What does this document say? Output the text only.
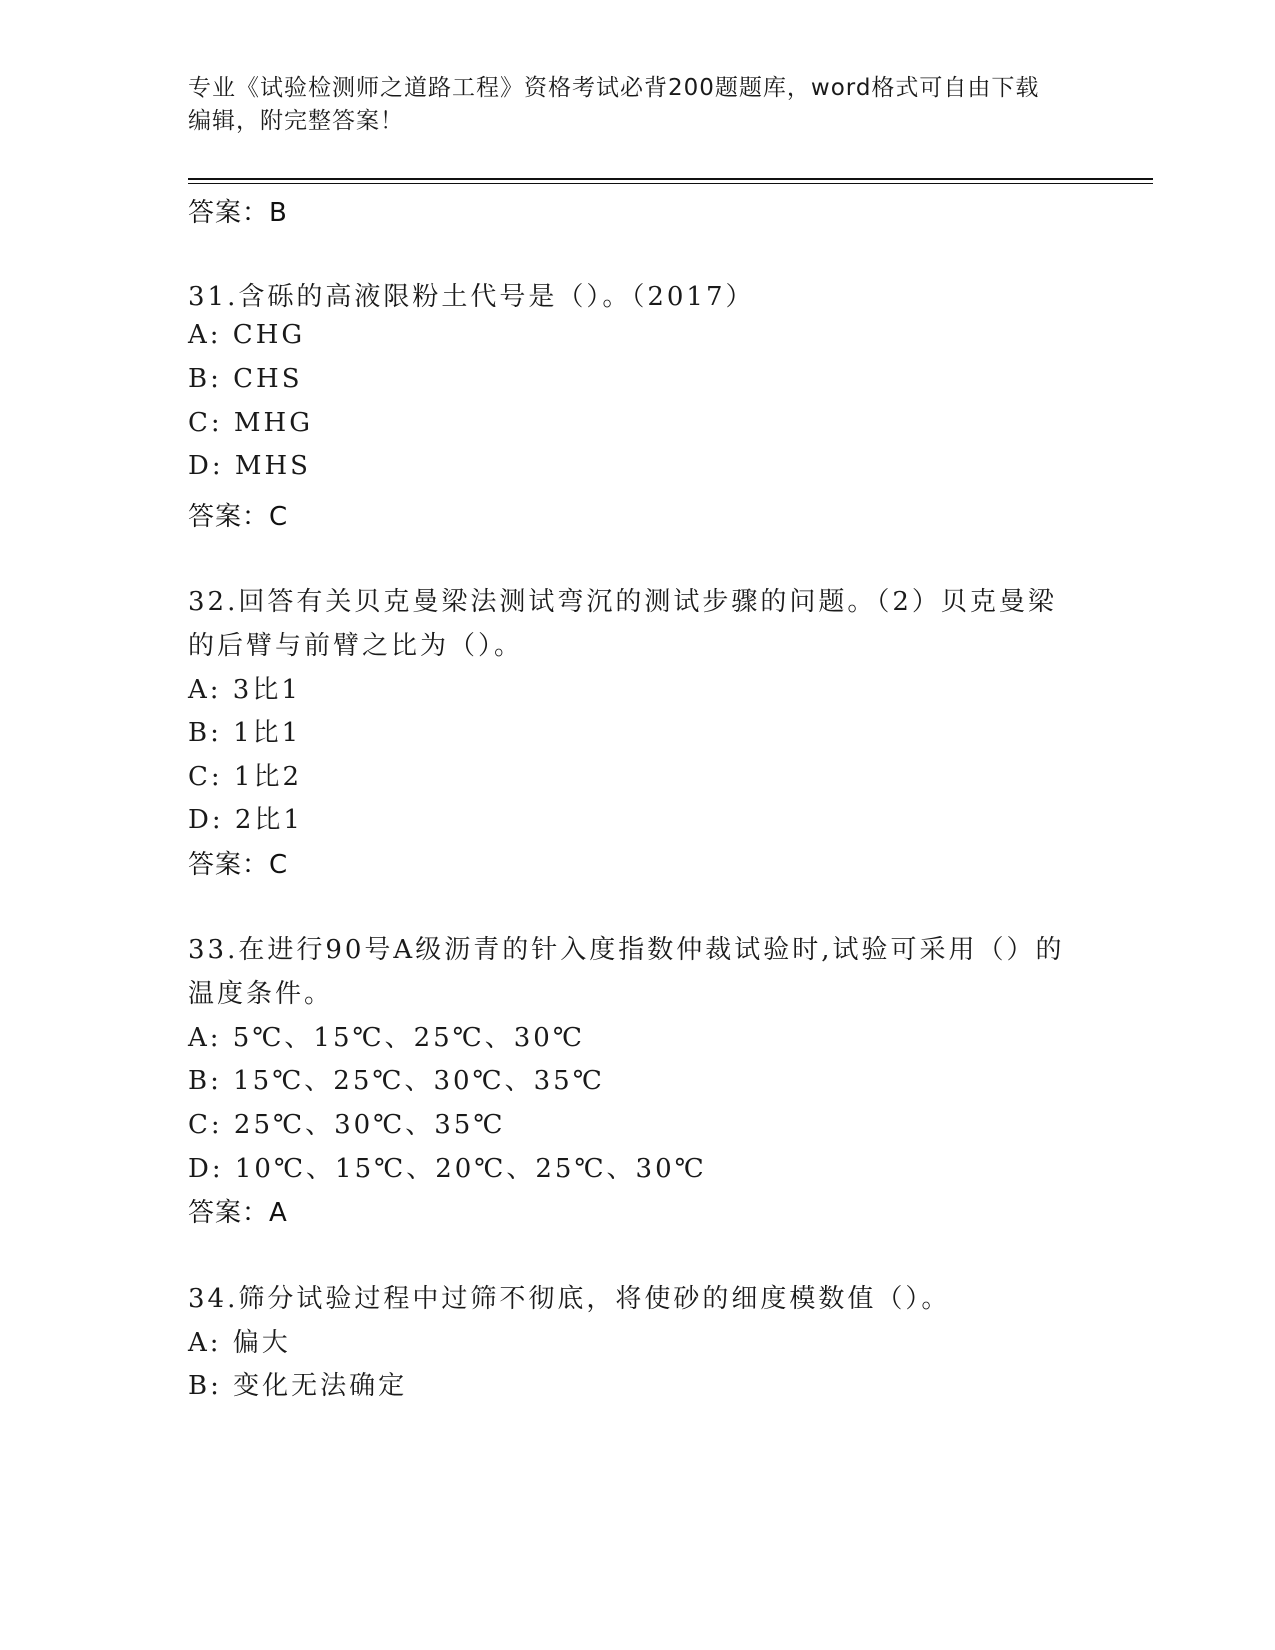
专业《试验检测师之道路工程》资格考试必背200题题库，word格式可自由下载
编辑，附完整答案！
答案：B
31.含砾的高液限粉土代号是（）。（2017）
A: CHG
B: CHS
C: MHG
D: MHS
答案：C
32.回答有关贝克曼梁法测试弯沉的测试步骤的问题。（2）贝克曼梁
的后臂与前臂之比为（）。
A: 3比1
B: 1比1
C: 1比2
D: 2比1
答案：C
33.在进行90号A级沥青的针入度指数仲裁试验时,试验可采用（）的
温度条件。
A: 5℃、15℃、25℃、30℃
B: 15℃、25℃、30℃、35℃
C: 25℃、30℃、35℃
D: 10℃、15℃、20℃、25℃、30℃
答案：A
34.筛分试验过程中过筛不彻底，将使砂的细度模数值（）。
A: 偏大
B: 变化无法确定
